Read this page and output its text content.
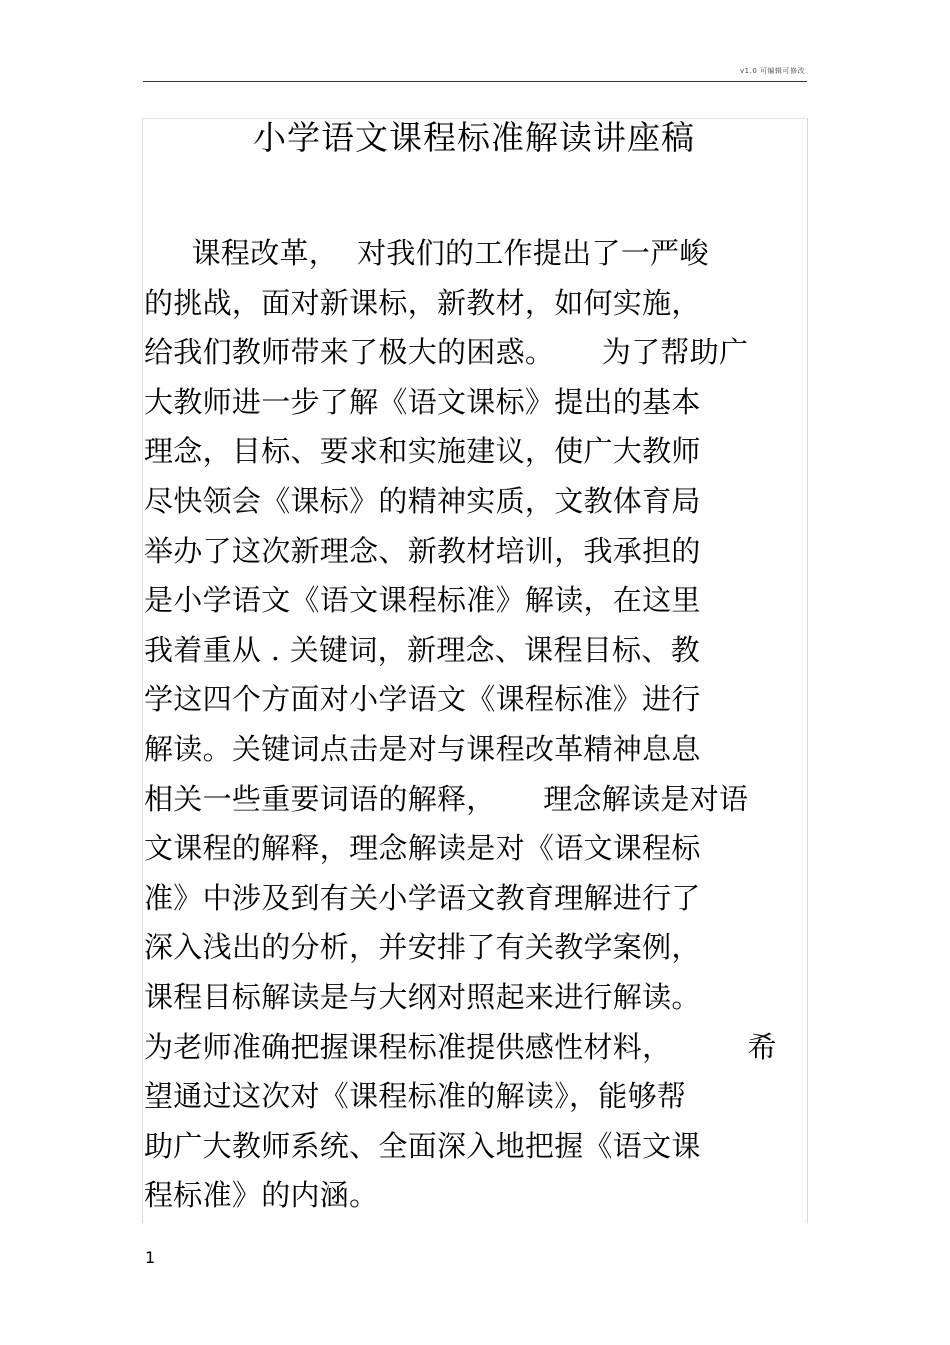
v1.0 可编辑可修改
小学语文课程标准解读讲座稿
课程改革，  对我们的工作提出了一严峻
的挑战，面对新课标，新教材，如何实施，
给我们教师带来了极大的困惑。     为了帮助广
大教师进一步了解《语文课标》提出的基本
理念，目标、要求和实施建议，使广大教师
尽快领会《课标》的精神实质，文教体育局
举办了这次新理念、新教材培训，我承担的
是小学语文《语文课程标准》解读，在这里
我着重从 . 关键词，新理念、课程目标、教
学这四个方面对小学语文《课程标准》进行
解读。关键词点击是对与课程改革精神息息
相关一些重要词语的解释，     理念解读是对语
文课程的解释，理念解读是对《语文课程标
准》中涉及到有关小学语文教育理解进行了
深入浅出的分析，并安排了有关教学案例，
课程目标解读是与大纲对照起来进行解读。
为老师准确把握课程标准提供感性材料，        希
望通过这次对《课程标准的解读》，能够帮
助广大教师系统、全面深入地把握《语文课
程标准》的内涵。
1
